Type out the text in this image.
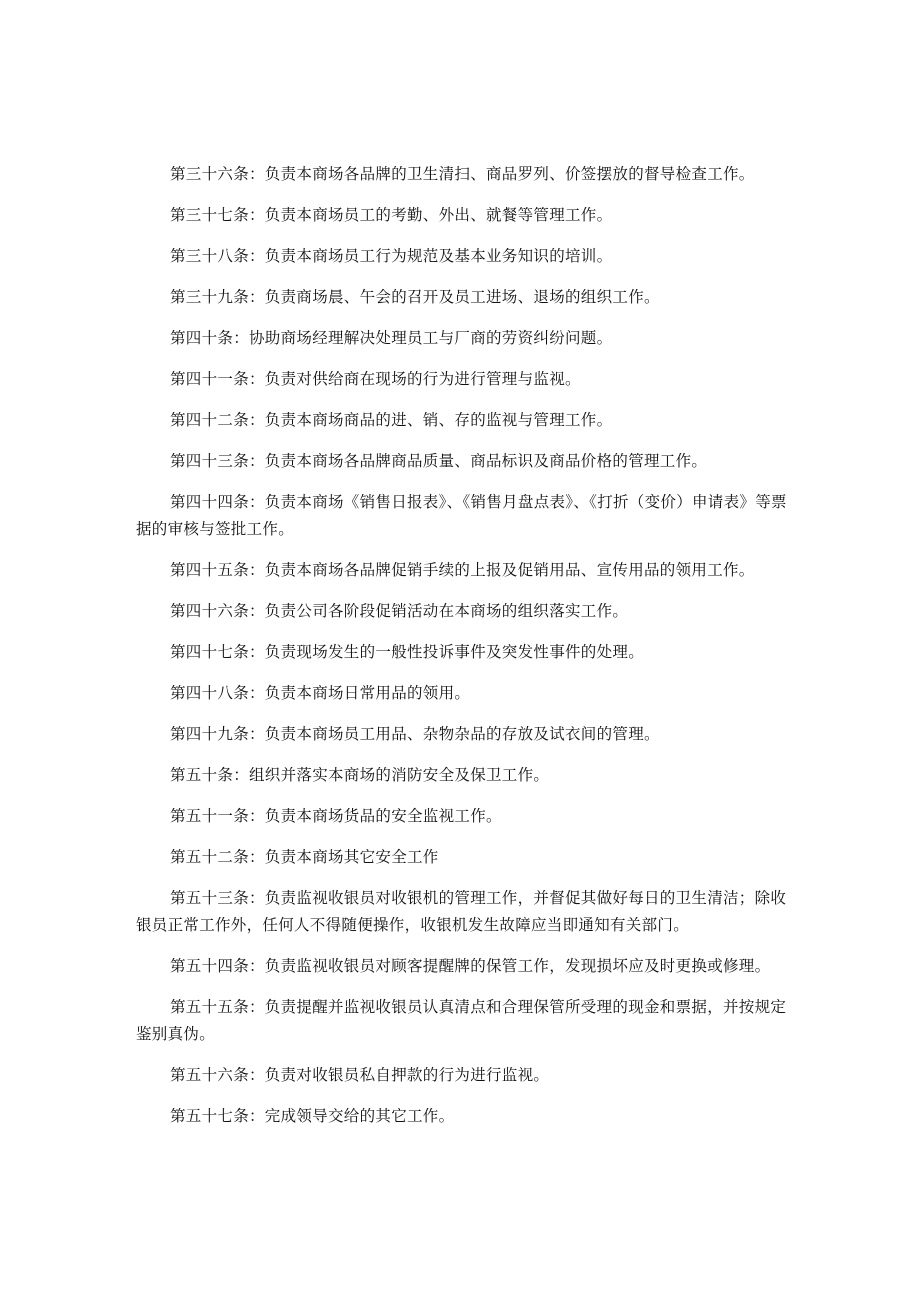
第三十六条：负责本商场各品牌的卫生清扫、商品罗列、价签摆放的督导检查工作。

第三十七条：负责本商场员工的考勤、外出、就餐等管理工作。

第三十八条：负责本商场员工行为规范及基本业务知识的培训。

第三十九条：负责商场晨、午会的召开及员工进场、退场的组织工作。

第四十条：协助商场经理解决处理员工与厂商的劳资纠纷问题。

第四十一条：负责对供给商在现场的行为进行管理与监视。

第四十二条：负责本商场商品的进、销、存的监视与管理工作。

第四十三条：负责本商场各品牌商品质量、商品标识及商品价格的管理工作。

第四十四条：负责本商场《销售日报表》、《销售月盘点表》、《打折（变价）申请表》等票据的审核与签批工作。

第四十五条：负责本商场各品牌促销手续的上报及促销用品、宣传用品的领用工作。

第四十六条：负责公司各阶段促销活动在本商场的组织落实工作。

第四十七条：负责现场发生的一般性投诉事件及突发性事件的处理。

第四十八条：负责本商场日常用品的领用。

第四十九条：负责本商场员工用品、杂物杂品的存放及试衣间的管理。

第五十条：组织并落实本商场的消防安全及保卫工作。

第五十一条：负责本商场货品的安全监视工作。

第五十二条：负责本商场其它安全工作

第五十三条：负责监视收银员对收银机的管理工作，并督促其做好每日的卫生清洁；除收银员正常工作外，任何人不得随便操作，收银机发生故障应当即通知有关部门。

第五十四条：负责监视收银员对顾客提醒牌的保管工作，发现损坏应及时更换或修理。

第五十五条：负责提醒并监视收银员认真清点和合理保管所受理的现金和票据，并按规定鉴别真伪。

第五十六条：负责对收银员私自押款的行为进行监视。

第五十七条：完成领导交给的其它工作。
